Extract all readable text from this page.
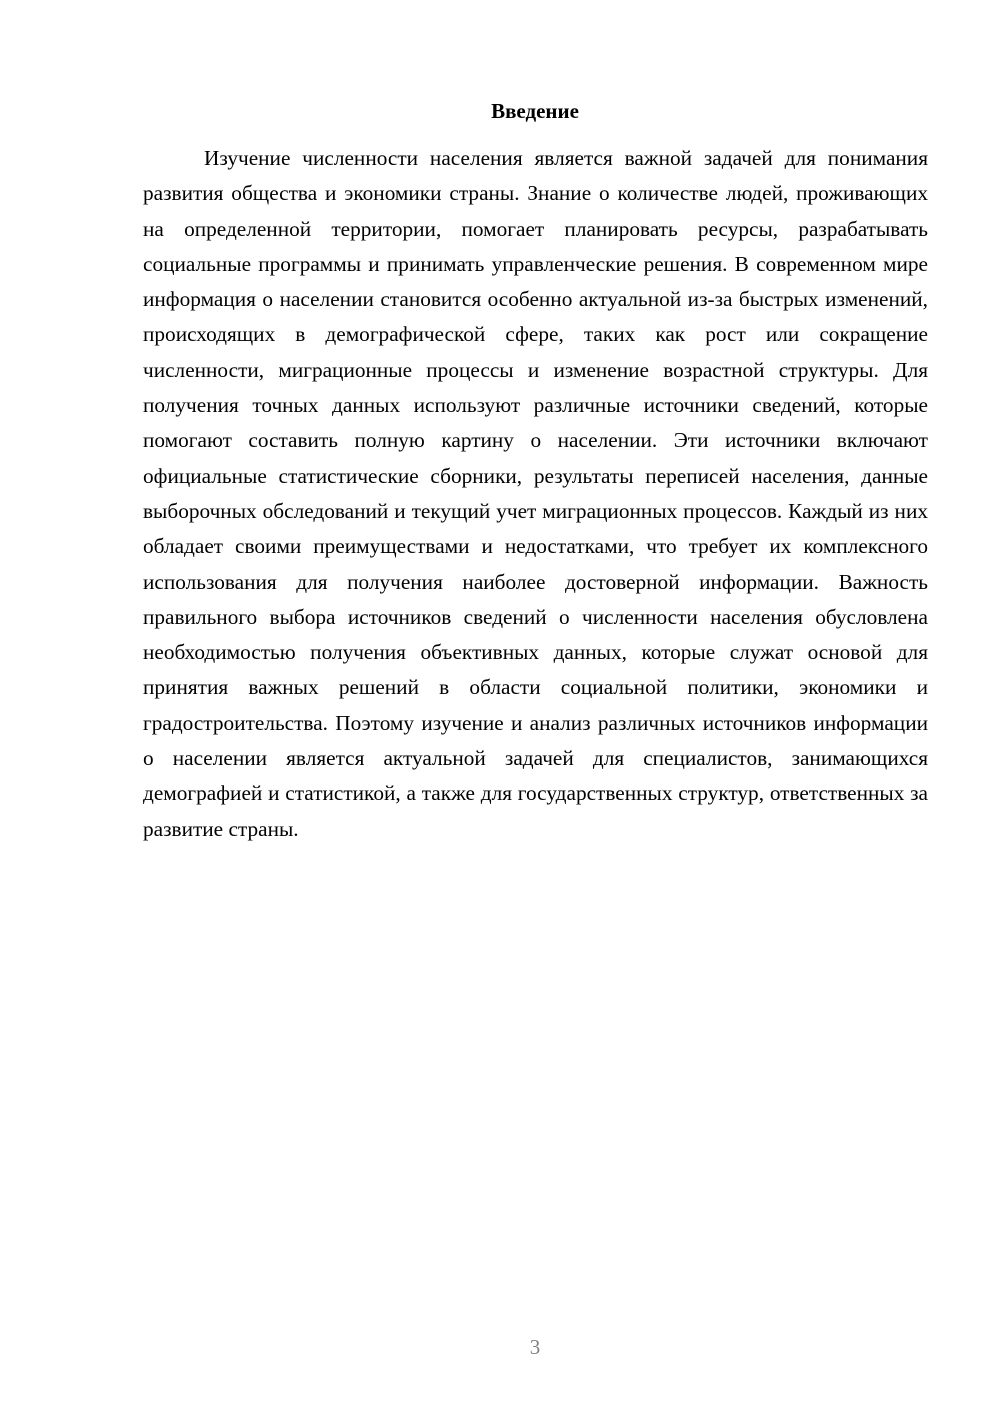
Введение

Изучение численности населения является важной задачей для понимания развития общества и экономики страны. Знание о количестве людей, проживающих на определенной территории, помогает планировать ресурсы, разрабатывать социальные программы и принимать управленческие решения. В современном мире информация о населении становится особенно актуальной из-за быстрых изменений, происходящих в демографической сфере, таких как рост или сокращение численности, миграционные процессы и изменение возрастной структуры. Для получения точных данных используют различные источники сведений, которые помогают составить полную картину о населении. Эти источники включают официальные статистические сборники, результаты переписей населения, данные выборочных обследований и текущий учет миграционных процессов. Каждый из них обладает своими преимуществами и недостатками, что требует их комплексного использования для получения наиболее достоверной информации. Важность правильного выбора источников сведений о численности населения обусловлена необходимостью получения объективных данных, которые служат основой для принятия важных решений в области социальной политики, экономики и градостроительства. Поэтому изучение и анализ различных источников информации о населении является актуальной задачей для специалистов, занимающихся демографией и статистикой, а также для государственных структур, ответственных за развитие страны.

3
